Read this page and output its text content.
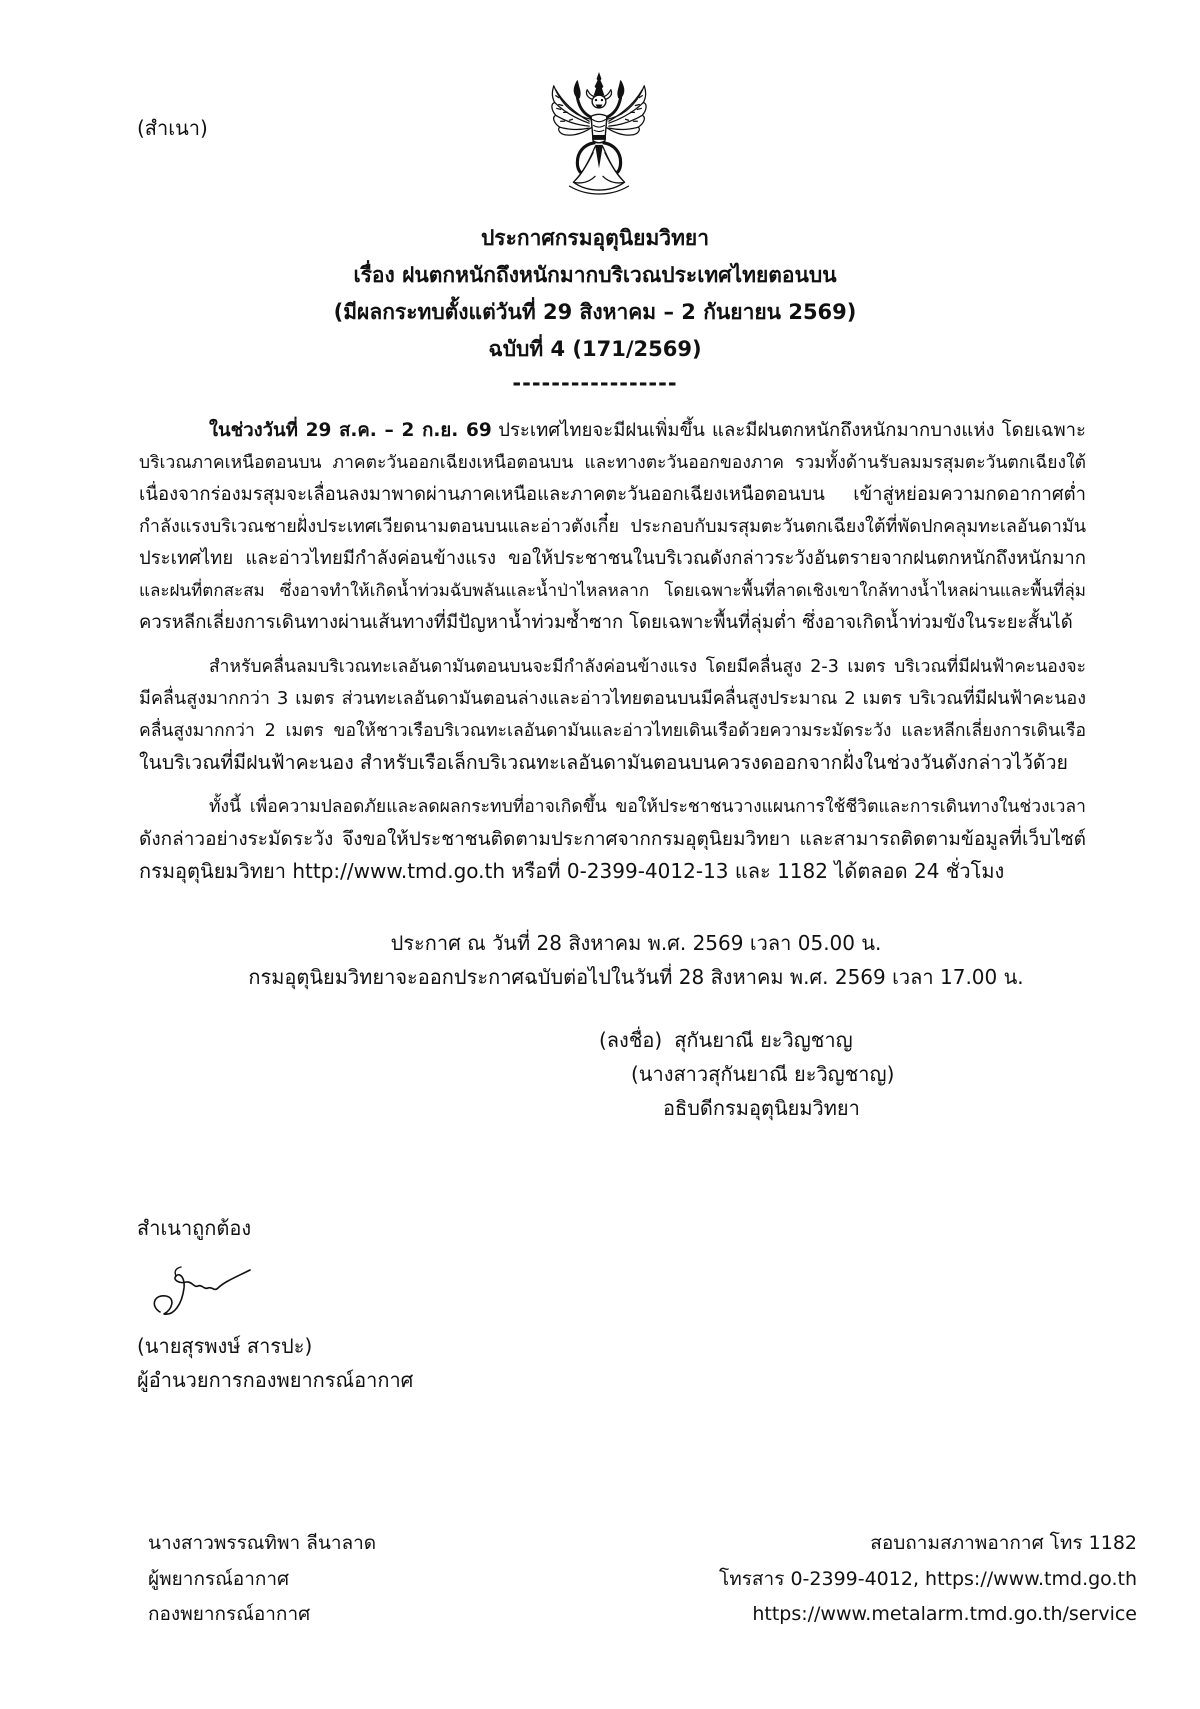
(สำเนา)
ประกาศกรมอุตุนิยมวิทยา
เรื่อง ฝนตกหนักถึงหนักมากบริเวณประเทศไทยตอนบน
(มีผลกระทบตั้งแต่วันที่ 29 สิงหาคม – 2 กันยายน 2569)
ฉบับที่ 4 (171/2569)
-----------------
ในช่วงวันที่ 29 ส.ค. – 2 ก.ย. 69 ประเทศไทยจะมีฝนเพิ่มขึ้น และมีฝนตกหนักถึงหนักมากบางแห่ง โดยเฉพาะ
บริเวณภาคเหนือตอนบน ภาคตะวันออกเฉียงเหนือตอนบน และทางตะวันออกของภาค รวมทั้งด้านรับลมมรสุมตะวันตกเฉียงใต้
เนื่องจากร่องมรสุมจะเลื่อนลงมาพาดผ่านภาคเหนือและภาคตะวันออกเฉียงเหนือตอนบน เข้าสู่หย่อมความกดอากาศต่ำ
กำลังแรงบริเวณชายฝั่งประเทศเวียดนามตอนบนและอ่าวตังเกี๋ย ประกอบกับมรสุมตะวันตกเฉียงใต้ที่พัดปกคลุมทะเลอันดามัน
ประเทศไทย และอ่าวไทยมีกำลังค่อนข้างแรง ขอให้ประชาชนในบริเวณดังกล่าวระวังอันตรายจากฝนตกหนักถึงหนักมาก
และฝนที่ตกสะสม ซึ่งอาจทำให้เกิดน้ำท่วมฉับพลันและน้ำป่าไหลหลาก โดยเฉพาะพื้นที่ลาดเชิงเขาใกล้ทางน้ำไหลผ่านและพื้นที่ลุ่ม
ควรหลีกเลี่ยงการเดินทางผ่านเส้นทางที่มีปัญหาน้ำท่วมซ้ำซาก โดยเฉพาะพื้นที่ลุ่มต่ำ ซึ่งอาจเกิดน้ำท่วมขังในระยะสั้นได้
สำหรับคลื่นลมบริเวณทะเลอันดามันตอนบนจะมีกำลังค่อนข้างแรง โดยมีคลื่นสูง 2-3 เมตร บริเวณที่มีฝนฟ้าคะนองจะ
มีคลื่นสูงมากกว่า 3 เมตร ส่วนทะเลอันดามันตอนล่างและอ่าวไทยตอนบนมีคลื่นสูงประมาณ 2 เมตร บริเวณที่มีฝนฟ้าคะนอง
คลื่นสูงมากกว่า 2 เมตร ขอให้ชาวเรือบริเวณทะเลอันดามันและอ่าวไทยเดินเรือด้วยความระมัดระวัง และหลีกเลี่ยงการเดินเรือ
ในบริเวณที่มีฝนฟ้าคะนอง สำหรับเรือเล็กบริเวณทะเลอันดามันตอนบนควรงดออกจากฝั่งในช่วงวันดังกล่าวไว้ด้วย
ทั้งนี้ เพื่อความปลอดภัยและลดผลกระทบที่อาจเกิดขึ้น ขอให้ประชาชนวางแผนการใช้ชีวิตและการเดินทางในช่วงเวลา
ดังกล่าวอย่างระมัดระวัง จึงขอให้ประชาชนติดตามประกาศจากกรมอุตุนิยมวิทยา และสามารถติดตามข้อมูลที่เว็บไซต์
กรมอุตุนิยมวิทยา http://www.tmd.go.th หรือที่ 0-2399-4012-13 และ 1182 ได้ตลอด 24 ชั่วโมง
ประกาศ ณ วันที่ 28 สิงหาคม พ.ศ. 2569 เวลา 05.00 น.
กรมอุตุนิยมวิทยาจะออกประกาศฉบับต่อไปในวันที่ 28 สิงหาคม พ.ศ. 2569 เวลา 17.00 น.
(ลงชื่อ) สุกันยาณี ยะวิญชาญ
(นางสาวสุกันยาณี ยะวิญชาญ)
อธิบดีกรมอุตุนิยมวิทยา
สำเนาถูกต้อง
(นายสุรพงษ์ สารปะ)
ผู้อำนวยการกองพยากรณ์อากาศ
นางสาวพรรณทิพา ลีนาลาด
ผู้พยากรณ์อากาศ
กองพยากรณ์อากาศ
สอบถามสภาพอากาศ โทร 1182
โทรสาร 0-2399-4012, https://www.tmd.go.th
https://www.metalarm.tmd.go.th/service
